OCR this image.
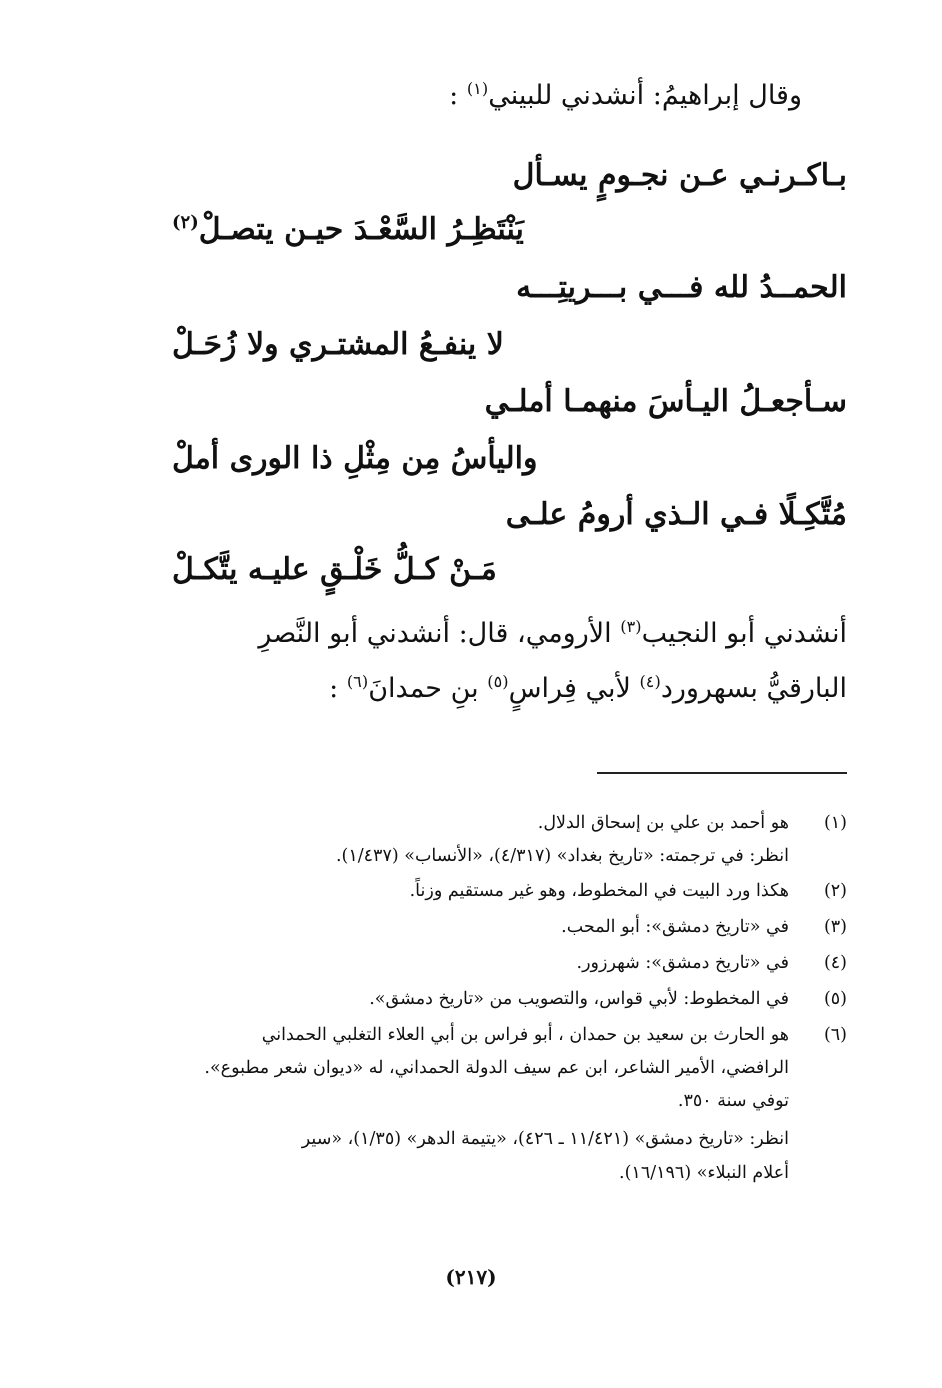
وقال إبراهيمُ: أنشدني للبيني$^{(١)}$ :
بـاكـرنـي عـن نجـومٍ يسـأل
يَنْتَظِـرُ السَّعْـدَ حيـن يتصـلْ$^{(٢)}$
الحمــدُ لله فـــي بـــريتِـــه
لا ينفـعُ المشتـري ولا زُحَـلْ
سـأجعـلُ اليـأسَ منهمـا أملـي
واليأسُ مِن مِثْلِ ذا الورى أملْ
مُتَّكِـلًا فـي الـذي أرومُ علـى
مَـنْ كـلُّ خَلْـقٍ عليـه يتَّكـلْ
أنشدني أبو النجيب$^{(٣)}$ الأرومي، قال: أنشدني أبو النَّصرِ
البارقيُّ بسهرورد$^{(٤)}$ لأبي فِراسٍ$^{(٥)}$ بنِ حمدانَ$^{(٦)}$ :
(١)
هو أحمد بن علي بن إسحاق الدلال.
انظر: في ترجمته: «تاريخ بغداد» (٤/٣١٧)، «الأنساب» (١/٤٣٧).
(٢)
هكذا ورد البيت في المخطوط، وهو غير مستقيم وزناً.
(٣)
في «تاريخ دمشق»: أبو المحب.
(٤)
في «تاريخ دمشق»: شهرزور.
(٥)
في المخطوط: لأبي قواس، والتصويب من «تاريخ دمشق».
(٦)
هو الحارث بن سعيد بن حمدان ، أبو فراس بن أبي العلاء التغلبي الحمداني
الرافضي، الأمير الشاعر، ابن عم سيف الدولة الحمداني، له «ديوان شعر مطبوع».
توفي سنة ٣٥٠.
انظر: «تاريخ دمشق» (١١/٤٢١ ـ ٤٢٦)، «يتيمة الدهر» (١/٣٥)، «سير
أعلام النبلاء» (١٦/١٩٦).
(٢١٧)
